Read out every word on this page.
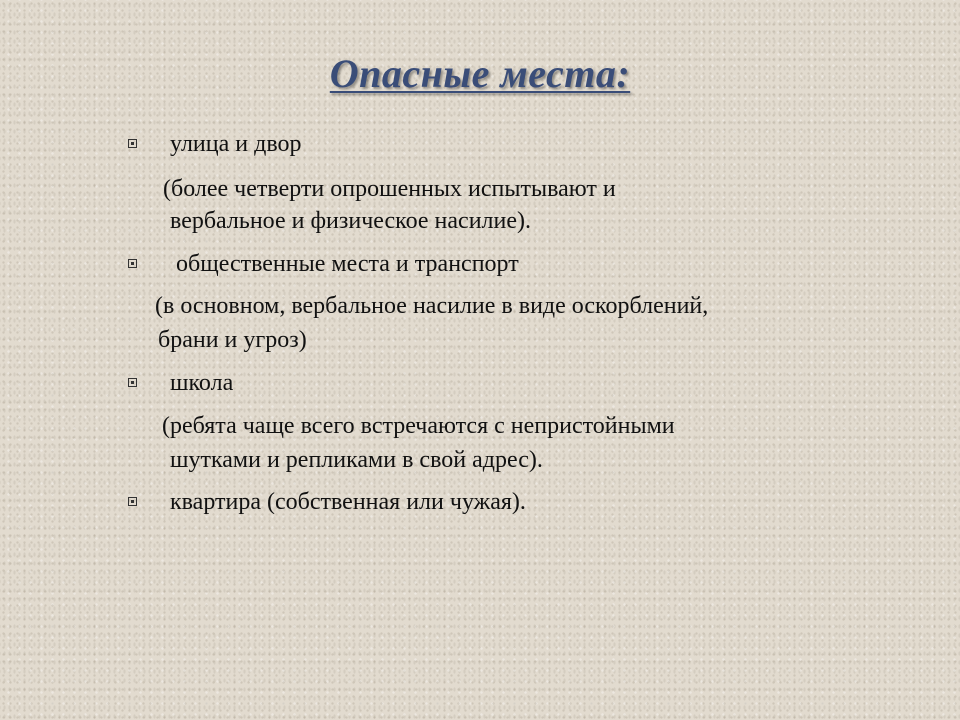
Опасные места:
улица и двор
(более четверти опрошенных испытывают и
вербальное и физическое насилие).
общественные места и транспорт
(в основном, вербальное насилие в виде оскорблений,
брани и угроз)
школа
(ребята чаще всего встречаются с непристойными
шутками и репликами в свой адрес).
квартира (собственная или чужая).
